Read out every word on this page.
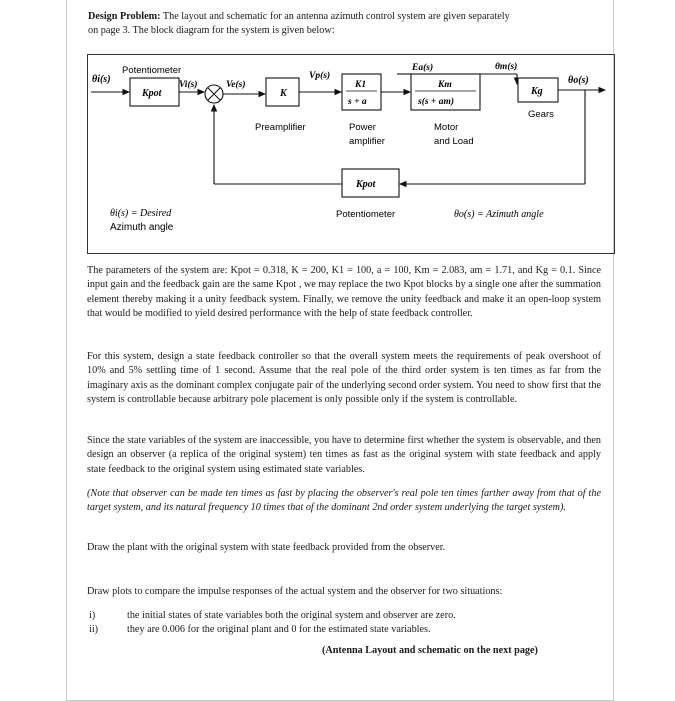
Design Problem: The layout and schematic for an antenna azimuth control system are given separately
on page 3. The block diagram for the system is given below:
θi(s)
Potentiometer
Kpot
Vi(s)	Ve(s)
K
Vp(s)
Preamplifier
K1
s + a
Ea(s)
Power
amplifier
Km
s(s + am)
θm(s)
Motor
and Load
Kg
Gears
θo(s)
Kpot
Potentiometer
θi(s) = Desired
Azimuth angle
θo(s) = Azimuth angle
The parameters of the system are: Kpot = 0.318, K = 200, K1 = 100, a = 100, Km = 2.083, am = 1.71, and Kg = 0.1. Since input gain and the feedback gain are the same Kpot , we may replace the two Kpot blocks by a single one after the summation element thereby making it a unity feedback system. Finally, we remove the unity feedback and make it an open-loop system that would be modified to yield desired performance with the help of state feedback controller.
For this system, design a state feedback controller so that the overall system meets the requirements of peak overshoot of 10% and 5% settling time of 1 second. Assume that the real pole of the third order system is ten times as far from the imaginary axis as the dominant complex conjugate pair of the underlying second order system. You need to show first that the system is controllable because arbitrary pole placement is only possible only if the system is controllable.
Since the state variables of the system are inaccessible, you have to determine first whether the system is observable, and then design an observer (a replica of the original system) ten times as fast as the original system with state feedback and apply state feedback to the original system using estimated state variables.
(Note that observer can be made ten times as fast by placing the observer's real pole ten times farther away from that of the target system, and its natural frequency 10 times that of the dominant 2nd order system underlying the target system).
Draw the plant with the original system with state feedback provided from the observer.
Draw plots to compare the impulse responses of the actual system and the observer for two situations:
i)	the initial states of state variables both the original system and observer are zero.
ii)	they are 0.006 for the original plant and 0 for the estimated state variables.
(Antenna Layout and schematic on the next page)
